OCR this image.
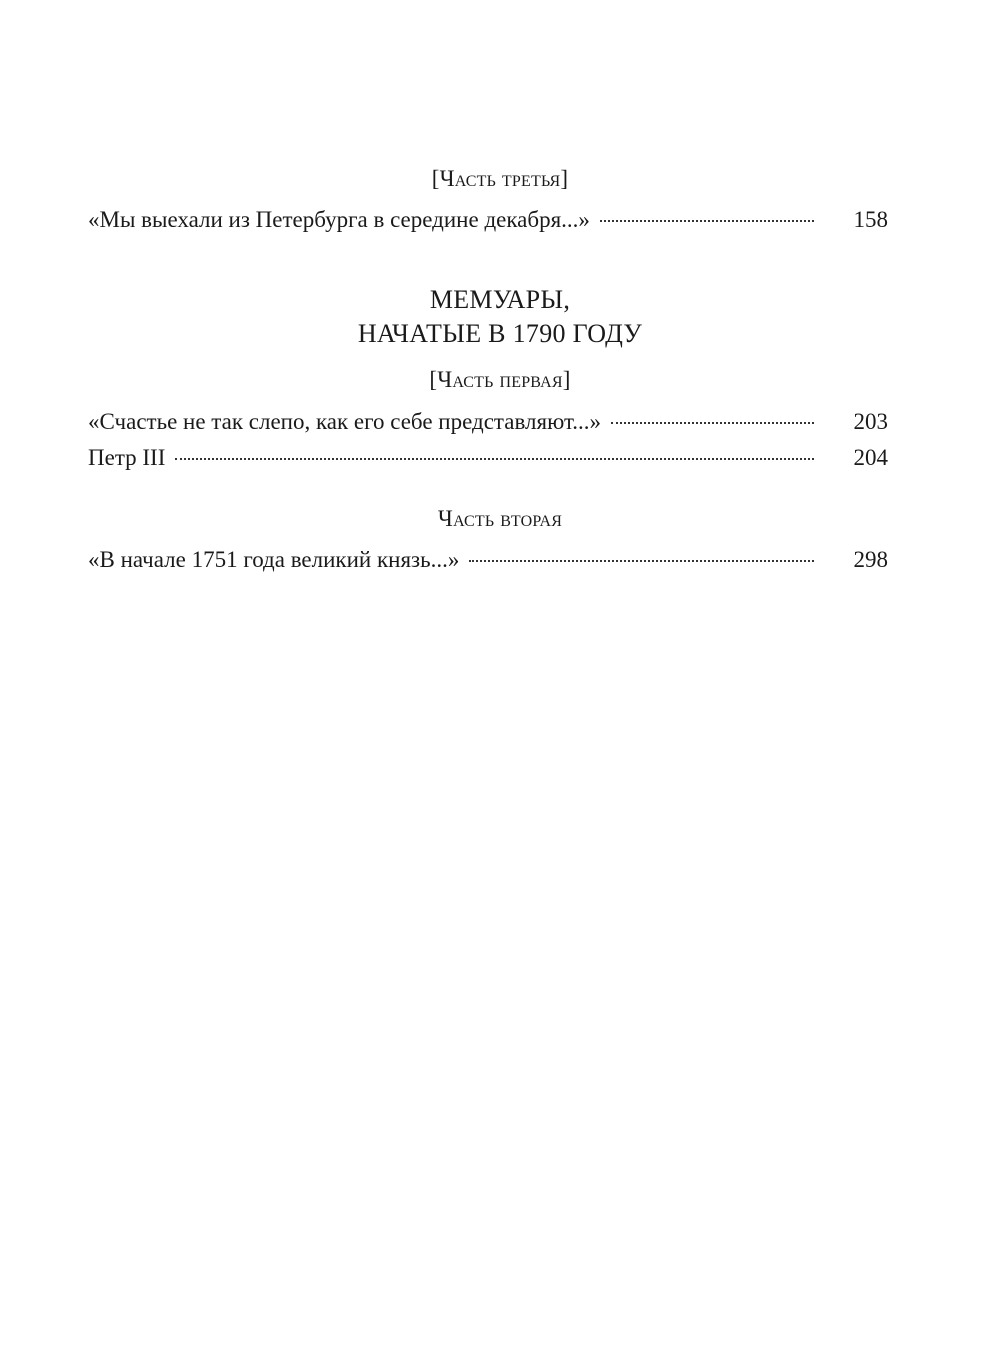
[Часть третья]
«Мы выехали из Петербурга в середине декабря...»	158
МЕМУАРЫ,
НАЧАТЫЕ В 1790 ГОДУ
[Часть первая]
«Счастье не так слепо, как его себе представляют...»	203
Петр III	204
Часть вторая
«В начале 1751 года великий князь...»	298
